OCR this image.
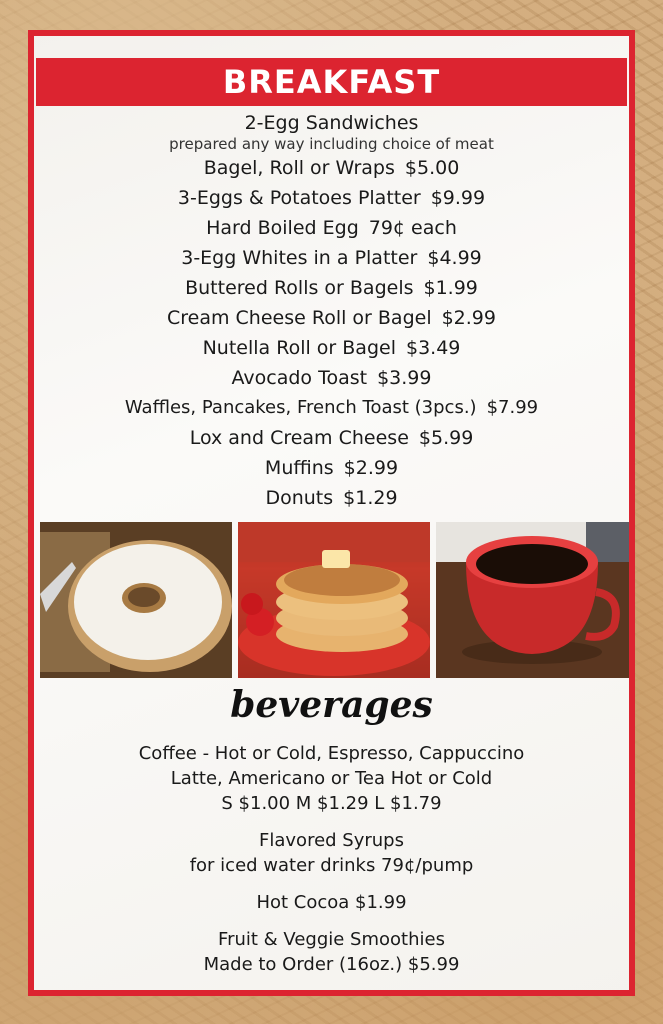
BREAKFAST
2-Egg Sandwiches
prepared any way including choice of meat
Bagel, Roll or Wraps $5.00
3-Eggs & Potatoes Platter $9.99
Hard Boiled Egg 79¢ each
3-Egg Whites in a Platter $4.99
Buttered Rolls or Bagels $1.99
Cream Cheese Roll or Bagel $2.99
Nutella Roll or Bagel $3.49
Avocado Toast $3.99
Waffles, Pancakes, French Toast (3pcs.) $7.99
Lox and Cream Cheese $5.99
Muffins $2.99
Donuts $1.29
beverages
Coffee - Hot or Cold, Espresso, Cappuccino
Latte, Americano or Tea Hot or Cold
S $1.00 M $1.29 L $1.79
Flavored Syrups
for iced water drinks 79¢/pump
Hot Cocoa $1.99
Fruit & Veggie Smoothies
Made to Order (16oz.) $5.99
